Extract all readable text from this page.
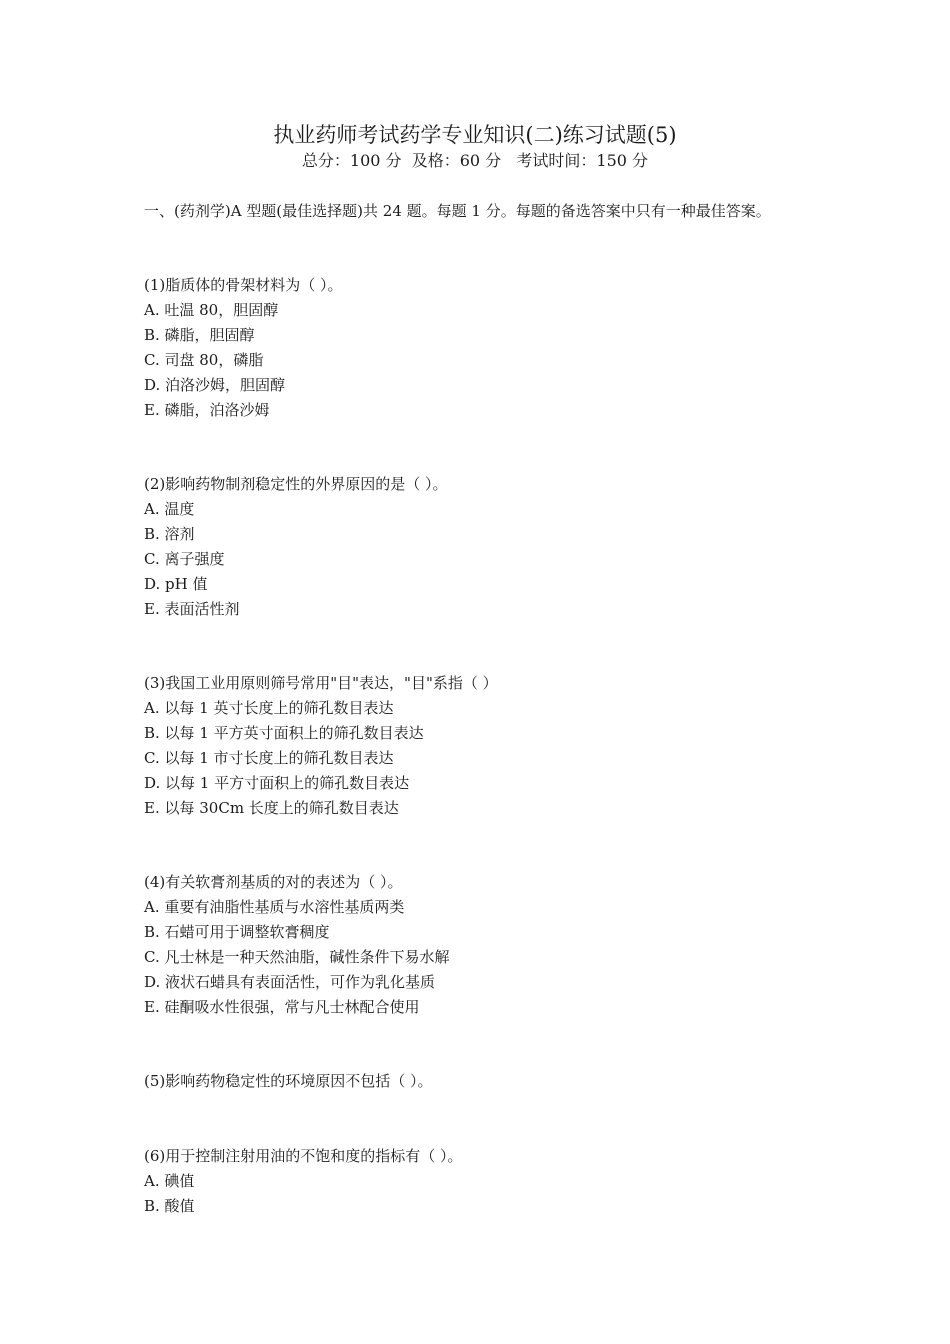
执业药师考试药学专业知识(二)练习试题(5)
总分：100 分  及格：60 分   考试时间：150 分
一、(药剂学)A 型题(最佳选择题)共 24 题。每题 1 分。每题的备选答案中只有一种最佳答案。
(1)脂质体的骨架材料为（ ）。
A. 吐温 80，胆固醇
B. 磷脂，胆固醇
C. 司盘 80，磷脂
D. 泊洛沙姆，胆固醇
E. 磷脂，泊洛沙姆
(2)影响药物制剂稳定性的外界原因的是（ ）。
A. 温度
B. 溶剂
C. 离子强度
D. pH 值
E. 表面活性剂
(3)我国工业用原则筛号常用"目"表达，"目"系指（ ）
A. 以每 1 英寸长度上的筛孔数目表达
B. 以每 1 平方英寸面积上的筛孔数目表达
C. 以每 1 市寸长度上的筛孔数目表达
D. 以每 1 平方寸面积上的筛孔数目表达
E. 以每 30Cm 长度上的筛孔数目表达
(4)有关软膏剂基质的对的表述为（ ）。
A. 重要有油脂性基质与水溶性基质两类
B. 石蜡可用于调整软膏稠度
C. 凡士林是一种天然油脂，碱性条件下易水解
D. 液状石蜡具有表面活性，可作为乳化基质
E. 硅酮吸水性很强，常与凡士林配合使用
(5)影响药物稳定性的环境原因不包括（ ）。
(6)用于控制注射用油的不饱和度的指标有（ ）。
A. 碘值
B. 酸值
